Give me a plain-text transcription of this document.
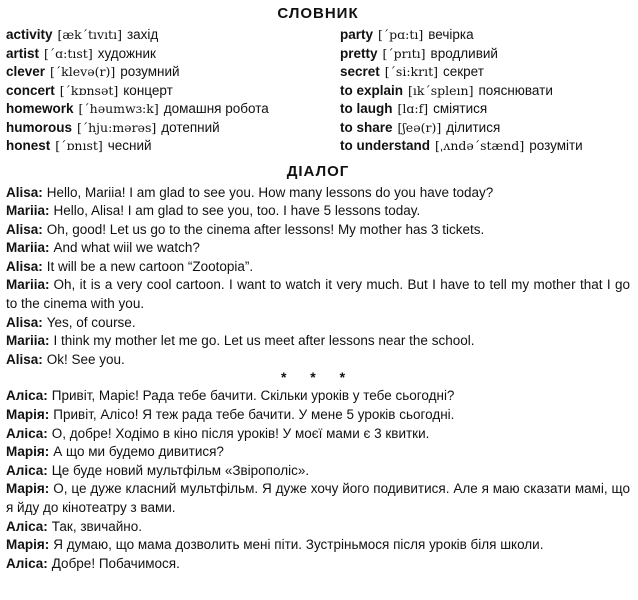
СЛОВНИК
activity [æk´tıvıtı] захід
artist [´ɑ:tıst] художник
clever [´klevə(r)] розумний
concert [´kɒnsət] концерт
homework [´həumwɜ:k] домашня робота
humorous [´hju:mərəs] дотепний
honest [´ɒnıst] чесний
party [´pɑ:tı] вечірка
pretty [´prıtı] вродливий
secret [´si:krıt] секрет
to explain [ık´spleın] пояснювати
to laugh [lɑ:f] сміятися
to share [ʃeə(r)] ділитися
to understand [ˌʌndə´stænd] розуміти
ДІАЛОГ
Alisa: Hello, Mariia! I am glad to see you. How many lessons do you have today?
Mariia: Hello, Alisa! I am glad to see you, too. I have 5 lessons today.
Alisa: Oh, good! Let us go to the cinema after lessons! My mother has 3 tickets.
Mariia: And what wiil we watch?
Alisa: It will be a new cartoon “Zootopia”.
Mariia: Oh, it is a very cool cartoon. I want to watch it very much. But I have to tell my mother that I go to the cinema with you.
Alisa: Yes, of course.
Mariia: I think my mother let me go. Let us meet after lessons near the school.
Alisa: Ok! See you.
* * *
Аліса: Привіт, Маріє! Рада тебе бачити. Скільки уроків у тебе сьогодні?
Марія: Привіт, Алісо! Я теж рада тебе бачити. У мене 5 уроків сьогодні.
Аліса: О, добре! Ходімо в кіно після уроків! У моєї мами є 3 квитки.
Марія: А що ми будемо дивитися?
Аліса: Це буде новий мультфільм «Звірополіс».
Марія: О, це дуже класний мультфільм. Я дуже хочу його подивитися. Але я маю сказати мамі, що я йду до кінотеатру з вами.
Аліса: Так, звичайно.
Марія: Я думаю, що мама дозволить мені піти. Зустріньмося після уроків біля школи.
Аліса: Добре! Побачимося.
